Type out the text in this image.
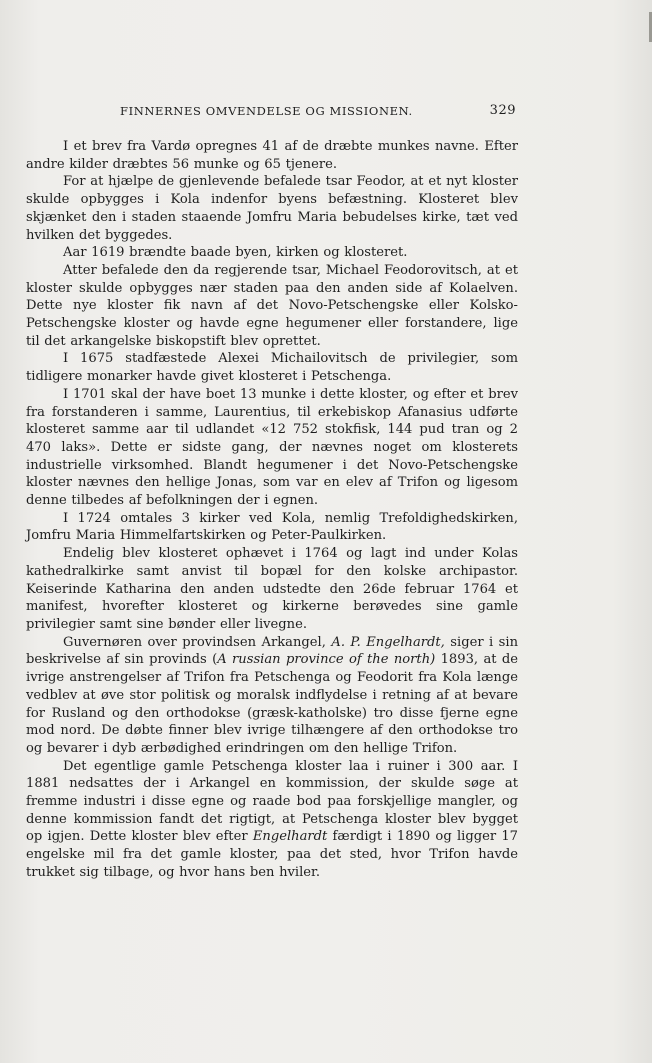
FINNERNES OMVENDELSE OG MISSIONEN.	329

I et brev fra Vardø opregnes 41 af de dræbte munkes navne. Efter andre kilder dræbtes 56 munke og 65 tjenere.

For at hjælpe de gjenlevende befalede tsar Feodor, at et nyt kloster skulde opbygges i Kola indenfor byens befæstning. Klosteret blev skjænket den i staden staaende Jomfru Maria bebudelses kirke, tæt ved hvilken det byggedes.

Aar 1619 brændte baade byen, kirken og klosteret.

Atter befalede den da regjerende tsar, Michael Feodorovitsch, at et kloster skulde opbygges nær staden paa den anden side af Kolaelven. Dette nye kloster fik navn af det Novo-Petschengske eller Kolsko-Petschengske kloster og havde egne hegumener eller forstandere, lige til det arkangelske biskopstift blev oprettet.

I 1675 stadfæstede Alexei Michailovitsch de privilegier, som tidligere monarker havde givet klosteret i Petschenga.

I 1701 skal der have boet 13 munke i dette kloster, og efter et brev fra forstanderen i samme, Laurentius, til erkebiskop Afanasius udførte klosteret samme aar til udlandet «12 752 stokfisk, 144 pud tran og 2 470 laks». Dette er sidste gang, der nævnes noget om klosterets industrielle virksomhed. Blandt hegumener i det Novo-Petschengske kloster nævnes den hellige Jonas, som var en elev af Trifon og ligesom denne tilbedes af befolkningen der i egnen.

I 1724 omtales 3 kirker ved Kola, nemlig Trefoldighedskirken, Jomfru Maria Himmelfartskirken og Peter-Paulkirken.

Endelig blev klosteret ophævet i 1764 og lagt ind under Kolas kathedralkirke samt anvist til bopæl for den kolske archipastor. Keiserinde Katharina den anden udstedte den 26de februar 1764 et manifest, hvorefter klosteret og kirkerne berøvedes sine gamle privilegier samt sine bønder eller livegne.

Guvernøren over provindsen Arkangel, A. P. Engelhardt, siger i sin beskrivelse af sin provinds (A russian province of the north) 1893, at de ivrige anstrengelser af Trifon fra Petschenga og Feodorit fra Kola længe vedblev at øve stor politisk og moralsk indflydelse i retning af at bevare for Rusland og den orthodokse (græsk-katholske) tro disse fjerne egne mod nord. De døbte finner blev ivrige tilhængere af den orthodokse tro og bevarer i dyb ærbødighed erindringen om den hellige Trifon.

Det egentlige gamle Petschenga kloster laa i ruiner i 300 aar. I 1881 nedsattes der i Arkangel en kommission, der skulde søge at fremme industri i disse egne og raade bod paa forskjellige mangler, og denne kommission fandt det rigtigt, at Petschenga kloster blev bygget op igjen. Dette kloster blev efter Engelhardt færdigt i 1890 og ligger 17 engelske mil fra det gamle kloster, paa det sted, hvor Trifon havde trukket sig tilbage, og hvor hans ben hviler.
